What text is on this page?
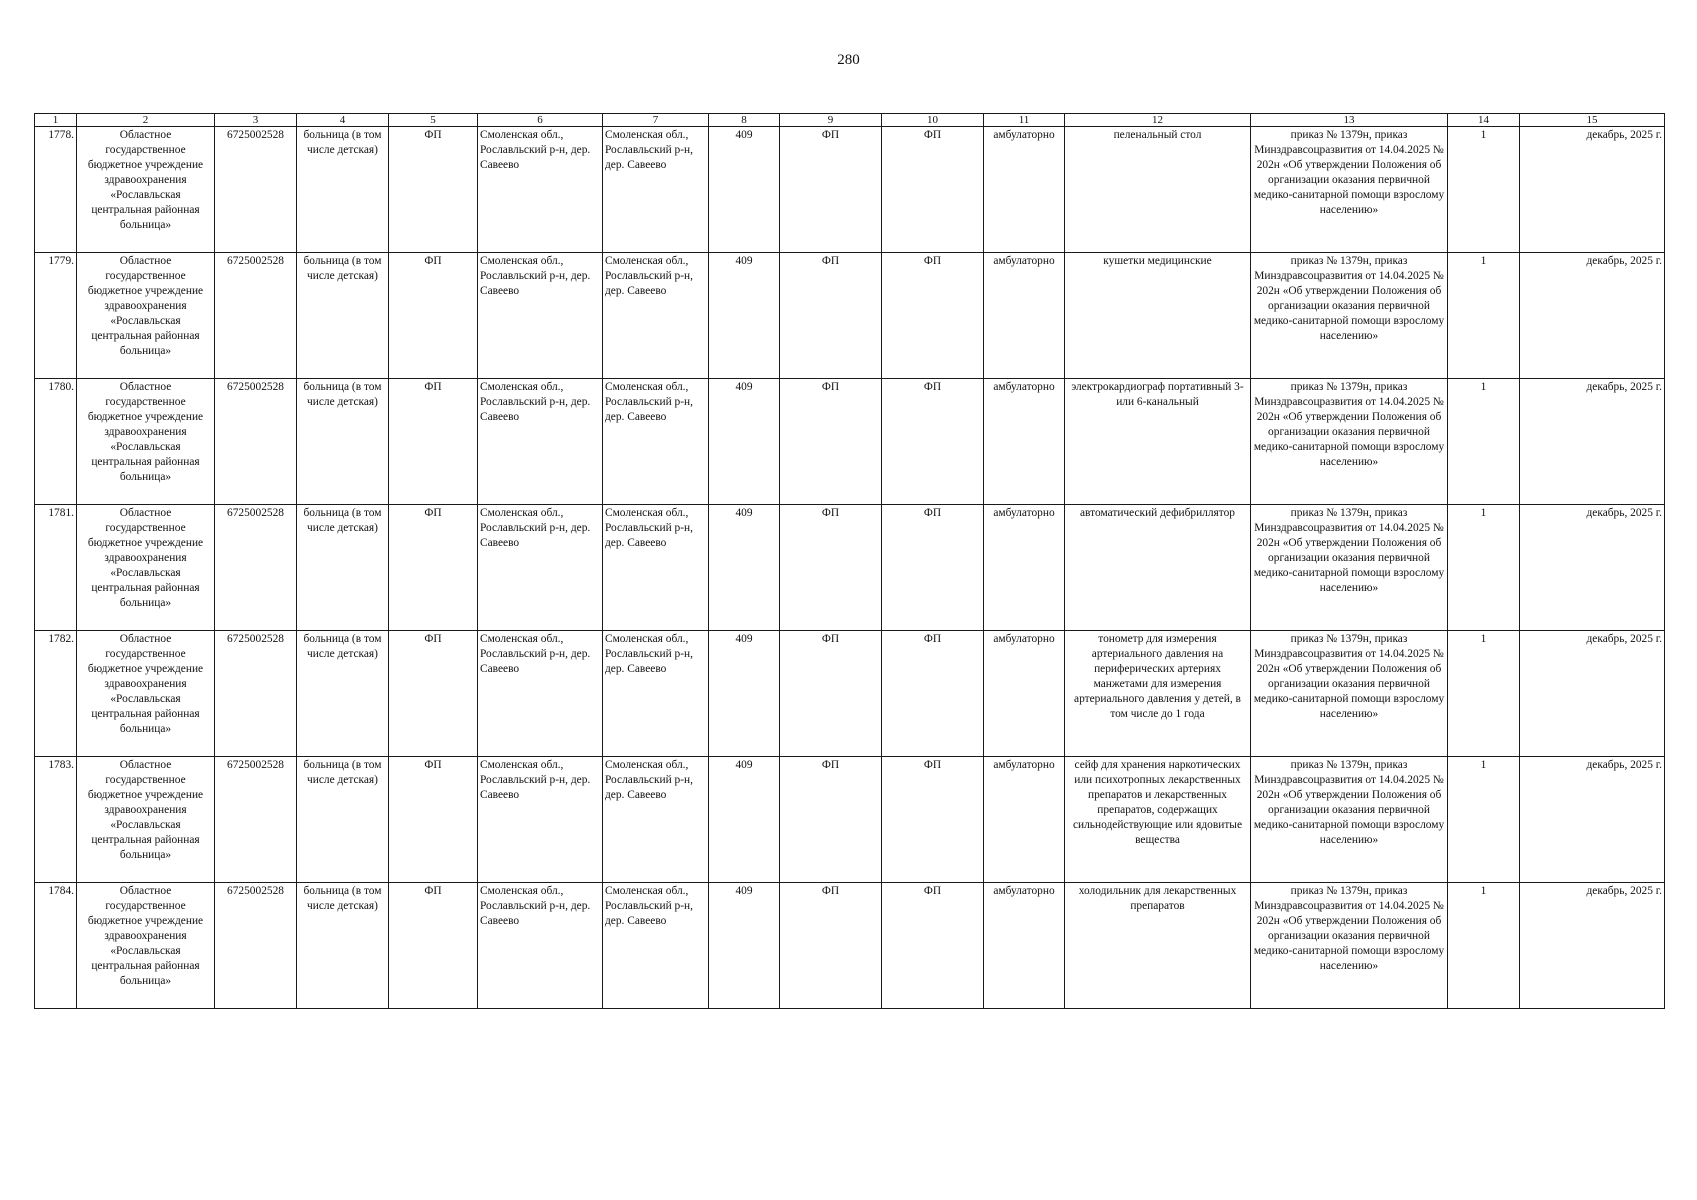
280
1	2	3	4	5	6	7	8	9	10	11	12	13	14	15
1778.	Областное государственное бюджетное учреждение здравоохранения «Рославльская центральная районная больница»	6725002528	больница (в том числе детская)	ФП	Смоленская обл., Рославльский р-н, дер. Савеево	Смоленская обл., Рославльский р-н, дер. Савеево	409	ФП	ФП	амбулаторно	пеленальный стол	приказ № 1379н, приказ Минздравсоцразвития от 14.04.2025 № 202н «Об утверждении Положения об организации оказания первичной медико-санитарной помощи взрослому населению»	1	декабрь, 2025 г.
1779.	Областное государственное бюджетное учреждение здравоохранения «Рославльская центральная районная больница»	6725002528	больница (в том числе детская)	ФП	Смоленская обл., Рославльский р-н, дер. Савеево	Смоленская обл., Рославльский р-н, дер. Савеево	409	ФП	ФП	амбулаторно	кушетки медицинские	приказ № 1379н, приказ Минздравсоцразвития от 14.04.2025 № 202н «Об утверждении Положения об организации оказания первичной медико-санитарной помощи взрослому населению»	1	декабрь, 2025 г.
1780.	Областное государственное бюджетное учреждение здравоохранения «Рославльская центральная районная больница»	6725002528	больница (в том числе детская)	ФП	Смоленская обл., Рославльский р-н, дер. Савеево	Смоленская обл., Рославльский р-н, дер. Савеево	409	ФП	ФП	амбулаторно	электрокардиограф портативный 3-или 6-канальный	приказ № 1379н, приказ Минздравсоцразвития от 14.04.2025 № 202н «Об утверждении Положения об организации оказания первичной медико-санитарной помощи взрослому населению»	1	декабрь, 2025 г.
1781.	Областное государственное бюджетное учреждение здравоохранения «Рославльская центральная районная больница»	6725002528	больница (в том числе детская)	ФП	Смоленская обл., Рославльский р-н, дер. Савеево	Смоленская обл., Рославльский р-н, дер. Савеево	409	ФП	ФП	амбулаторно	автоматический дефибриллятор	приказ № 1379н, приказ Минздравсоцразвития от 14.04.2025 № 202н «Об утверждении Положения об организации оказания первичной медико-санитарной помощи взрослому населению»	1	декабрь, 2025 г.
1782.	Областное государственное бюджетное учреждение здравоохранения «Рославльская центральная районная больница»	6725002528	больница (в том числе детская)	ФП	Смоленская обл., Рославльский р-н, дер. Савеево	Смоленская обл., Рославльский р-н, дер. Савеево	409	ФП	ФП	амбулаторно	тонометр для измерения артериального давления на периферических артериях манжетами для измерения артериального давления у детей, в том числе до 1 года	приказ № 1379н, приказ Минздравсоцразвития от 14.04.2025 № 202н «Об утверждении Положения об организации оказания первичной медико-санитарной помощи взрослому населению»	1	декабрь, 2025 г.
1783.	Областное государственное бюджетное учреждение здравоохранения «Рославльская центральная районная больница»	6725002528	больница (в том числе детская)	ФП	Смоленская обл., Рославльский р-н, дер. Савеево	Смоленская обл., Рославльский р-н, дер. Савеево	409	ФП	ФП	амбулаторно	сейф для хранения наркотических или психотропных лекарственных препаратов и лекарственных препаратов, содержащих сильнодействующие или ядовитые вещества	приказ № 1379н, приказ Минздравсоцразвития от 14.04.2025 № 202н «Об утверждении Положения об организации оказания первичной медико-санитарной помощи взрослому населению»	1	декабрь, 2025 г.
1784.	Областное государственное бюджетное учреждение здравоохранения «Рославльская центральная районная больница»	6725002528	больница (в том числе детская)	ФП	Смоленская обл., Рославльский р-н, дер. Савеево	Смоленская обл., Рославльский р-н, дер. Савеево	409	ФП	ФП	амбулаторно	холодильник для лекарственных препаратов	приказ № 1379н, приказ Минздравсоцразвития от 14.04.2025 № 202н «Об утверждении Положения об организации оказания первичной медико-санитарной помощи взрослому населению»	1	декабрь, 2025 г.
